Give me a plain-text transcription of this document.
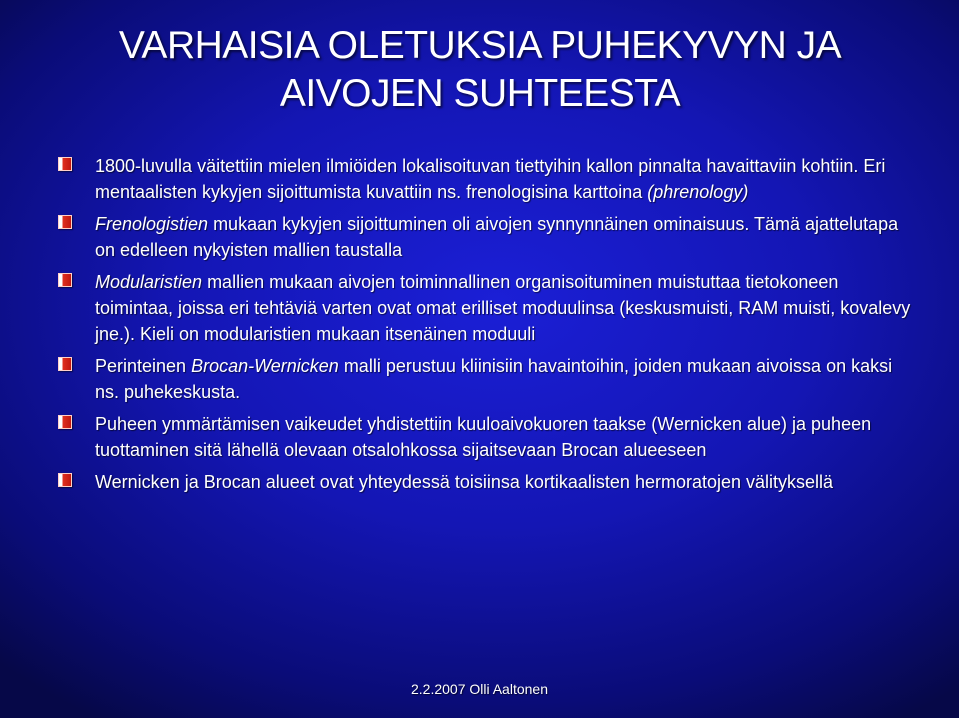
VARHAISIA OLETUKSIA PUHEKYVYN JA
AIVOJEN SUHTEESTA
1800-luvulla väitettiin mielen ilmiöiden lokalisoituvan tiettyihin kallon pinnalta havaittaviin kohtiin. Eri mentaalisten kykyjen sijoittumista kuvattiin ns. frenologisina karttoina (phrenology)
Frenologistien mukaan kykyjen sijoittuminen oli aivojen synnynnäinen ominaisuus. Tämä ajattelutapa on edelleen nykyisten mallien taustalla
Modularistien mallien mukaan aivojen toiminnallinen organisoituminen muistuttaa tietokoneen toimintaa, joissa eri tehtäviä varten ovat omat erilliset moduulinsa (keskusmuisti, RAM muisti, kovalevy jne.). Kieli on modularistien mukaan itsenäinen moduuli
Perinteinen Brocan-Wernicken malli perustuu kliinisiin havaintoihin, joiden mukaan aivoissa on kaksi ns. puhekeskusta.
Puheen ymmärtämisen vaikeudet yhdistettiin kuuloaivokuoren taakse (Wernicken alue) ja puheen tuottaminen sitä lähellä olevaan otsalohkossa sijaitsevaan Brocan alueeseen
Wernicken ja Brocan alueet ovat yhteydessä toisiinsa kortikaalisten hermoratojen välityksellä
2.2.2007 Olli Aaltonen
